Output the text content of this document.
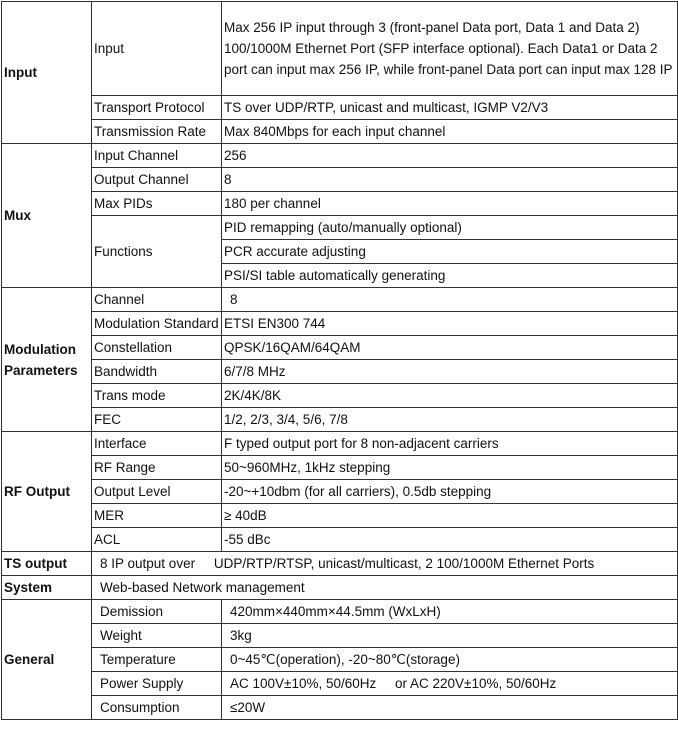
Input	Input	Max 256 IP input through 3 (front-panel Data port, Data 1 and Data 2) 100/1000M Ethernet Port (SFP interface optional). Each Data1 or Data 2 port can input max 256 IP, while front-panel Data port can input max 128 IP
	Transport Protocol	TS over UDP/RTP, unicast and multicast, IGMP V2/V3
	Transmission Rate	Max 840Mbps for each input channel
Mux	Input Channel	256
	Output Channel	8
	Max PIDs	180 per channel
	Functions	PID remapping (auto/manually optional)
		PCR accurate adjusting
		PSI/SI table automatically generating
Modulation Parameters	Channel	8
	Modulation Standard	ETSI EN300 744
	Constellation	QPSK/16QAM/64QAM
	Bandwidth	6/7/8 MHz
	Trans mode	2K/4K/8K
	FEC	1/2, 2/3, 3/4, 5/6, 7/8
RF Output	Interface	F typed output port for 8 non-adjacent carriers
	RF Range	50~960MHz, 1kHz stepping
	Output Level	-20~+10dbm (for all carriers), 0.5db stepping
	MER	≥ 40dB
	ACL	-55 dBc
TS output	8 IP output over     UDP/RTP/RTSP, unicast/multicast, 2 100/1000M Ethernet Ports	
System	Web-based Network management	
General	Demission	420mm×440mm×44.5mm (WxLxH)
	Weight	3kg
	Temperature	0~45℃(operation), -20~80℃(storage)
	Power Supply	AC 100V±10%, 50/60Hz     or AC 220V±10%, 50/60Hz
	Consumption	≤20W
